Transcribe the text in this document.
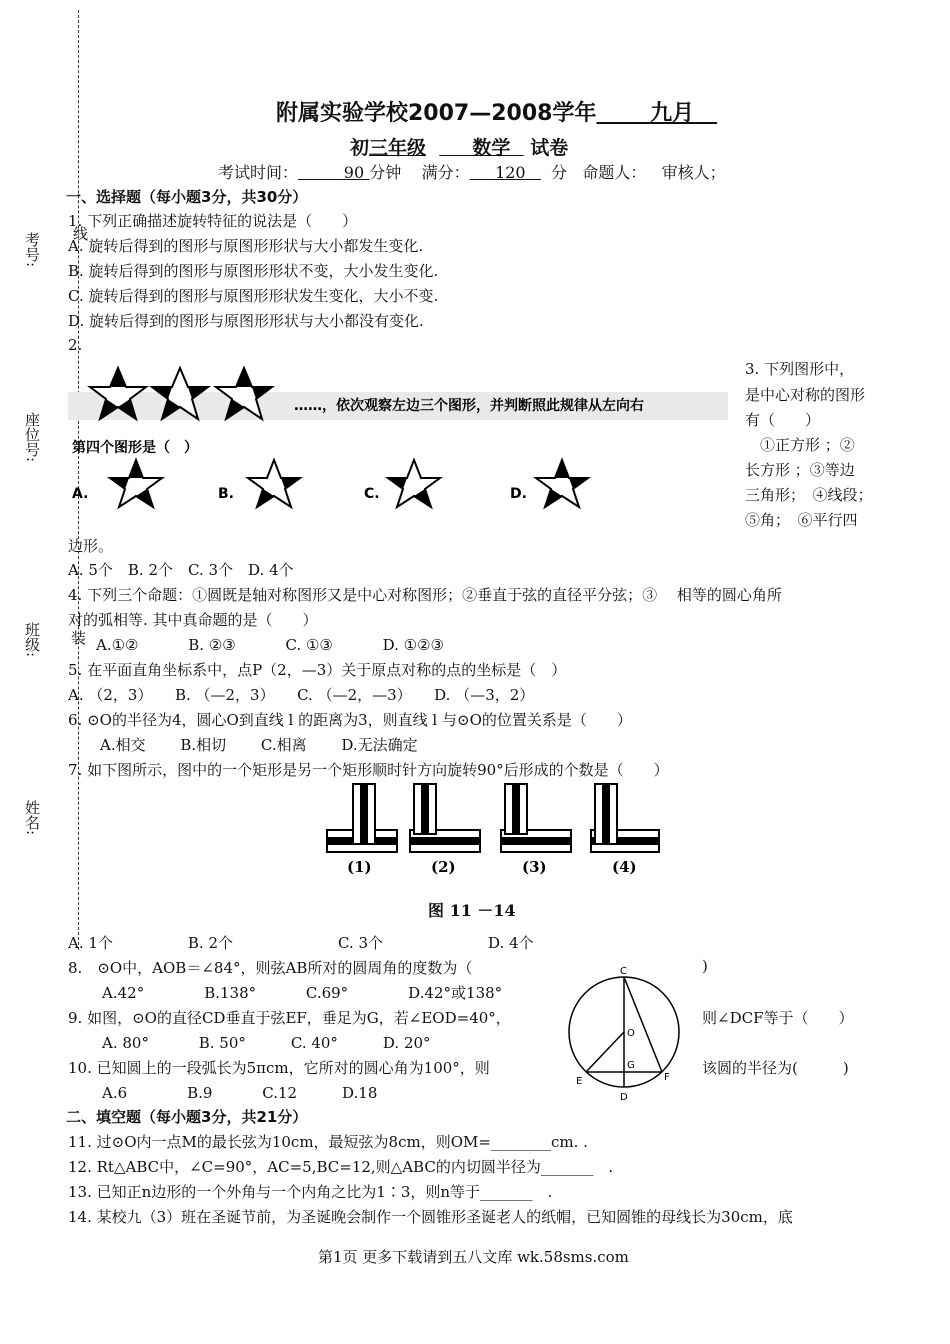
考号:
座位号:
班级:
姓名:
线
装
附属实验学校2007—2008学年 九月
初三年级 数学 试卷
考试时间：	90 分钟 满分： 120 分 命题人： 审核人；
一、选择题（每小题3分，共30分）
1. 下列正确描述旋转特征的说法是（　　）
A. 旋转后得到的图形与原图形形状与大小都发生变化.
B. 旋转后得到的图形与原图形形状不变，大小发生变化.
C. 旋转后得到的图形与原图形形状发生变化，大小不变.
D. 旋转后得到的图形与原图形形状与大小都没有变化.
2.
……，依次观察左边三个图形，并判断照此规律从左向右
第四个图形是（　）
A.	B.	C.	D.
3. 下列图形中，
是中心对称的图形
有（　　）
①正方形 ；②
长方形 ；③等边
三角形；　④线段；
⑤角；　⑥平行四
边形。
A. 5个　B. 2个　C. 3个　D. 4个
4. 下列三个命题：①圆既是轴对称图形又是中心对称图形；②垂直于弦的直径平分弦；③　 相等的圆心角所
对的弧相等. 其中真命题的是（　　）
A.①②　　　 B. ②③　　　 C. ①③　　　 D. ①②③
5. 在平面直角坐标系中，点P（2，—3）关于原点对称的点的坐标是（　）
A. （2，3）　　B. （—2，3）　　C. （—2，—3）　　D. （—3，2）
6. ⊙O的半径为4，圆心O到直线 l 的距离为3，则直线 l 与⊙O的位置关系是（　　）
A.相交　　 B.相切　　 C.相离　　 D.无法确定
7. 如下图所示，图中的一个矩形是另一个矩形顺时针方向旋转90°后形成的个数是（　　）
(1)	(2)	(3)	(4)
图 11 －14
A. 1个　　　　　B. 2个　　　　　　　C. 3个　　　　　　　D. 4个
8.　⊙O中，AOB＝∠84°，则弦AB所对的圆周角的度数为（	)
A.42°　　　　B.138°　　　 C.69°　　　　D.42°或138°
9. 如图，⊙O的直径CD垂直于弦EF，垂足为G，若∠EOD=40°，	则∠DCF等于（　　）
A. 80°　　　 B. 50°　　　C. 40°　　　D. 20°
C
O
G
E	F
D
10. 已知圆上的一段弧长为5πcm，它所对的圆心角为100°，则	该圆的半径为(　　　)
A.6　　　　B.9　　　 C.12　　　D.18
二、填空题（每小题3分，共21分）
11. 过⊙O内一点M的最长弦为10cm，最短弦为8cm，则OM=________cm. .
12. Rt△ABC中，∠C=90°，AC=5,BC=12,则△ABC的内切圆半径为_______　.
13. 已知正n边形的一个外角与一个内角之比为1∶3，则n等于_______　.
14. 某校九（3）班在圣诞节前，为圣诞晚会制作一个圆锥形圣诞老人的纸帽，已知圆锥的母线长为30cm，底
第1页 更多下载请到五八文库 wk.58sms.com
